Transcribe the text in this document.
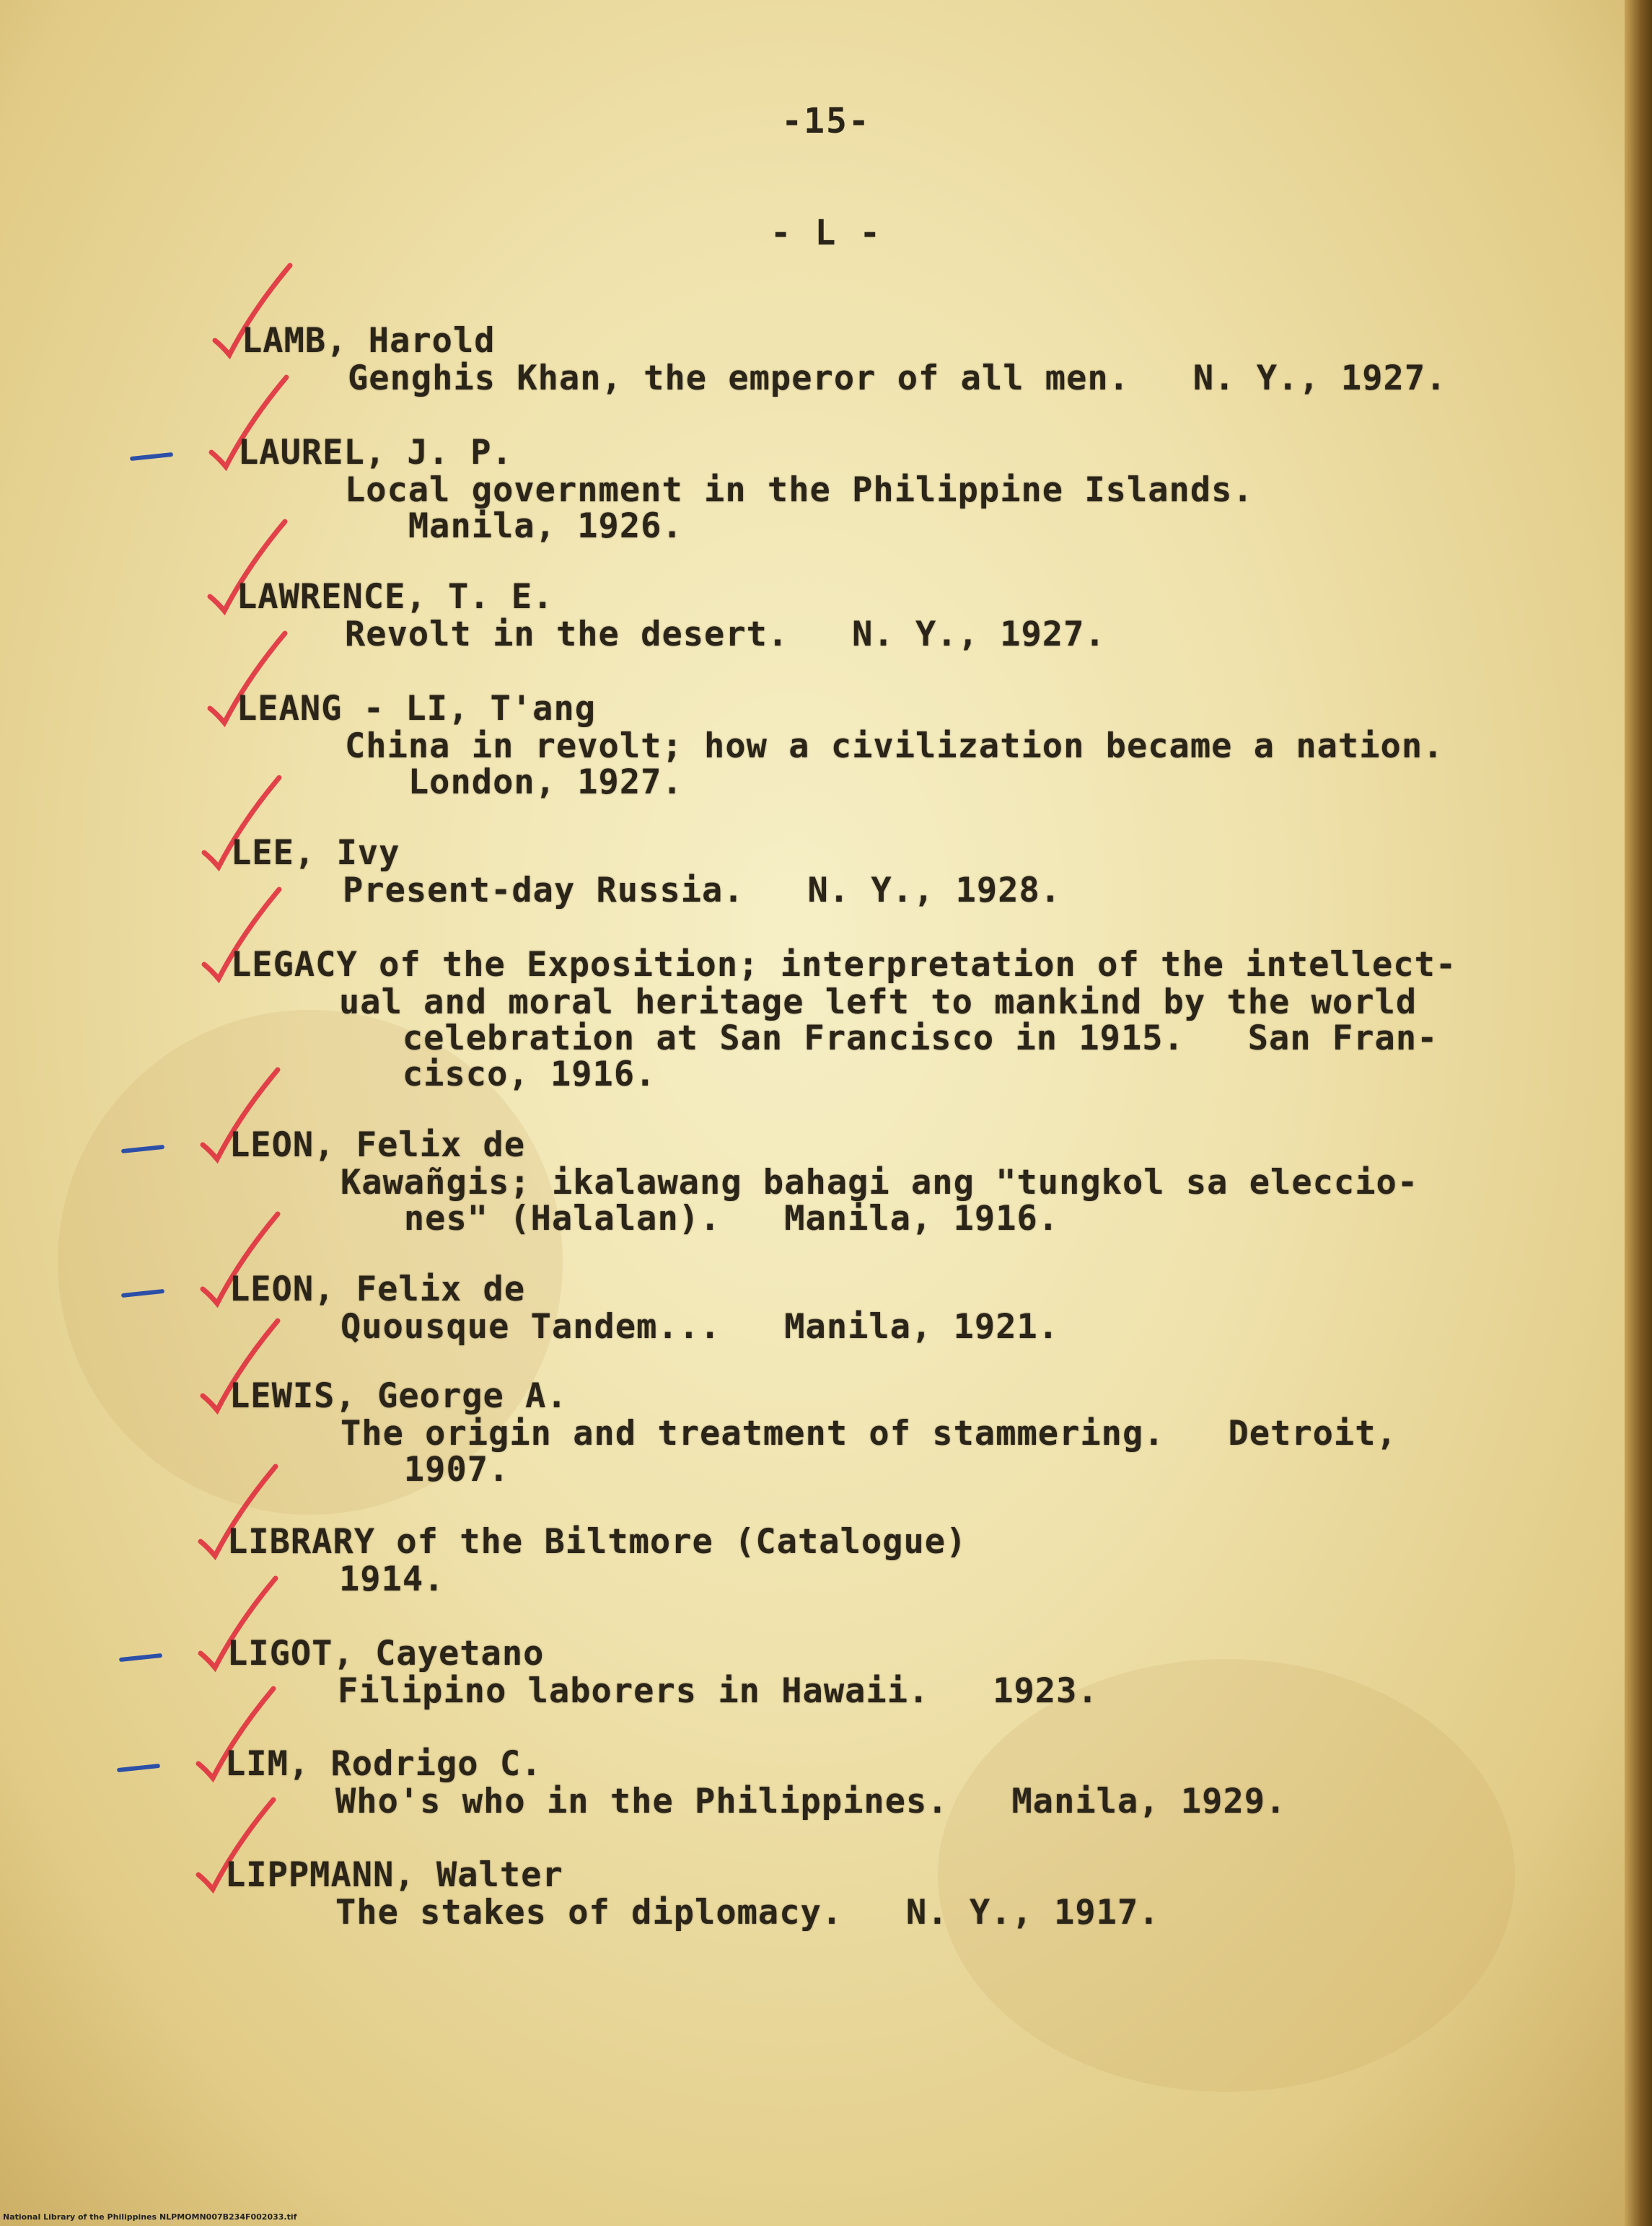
-15-
- L -
LAMB, Harold
Genghis Khan, the emperor of all men.   N. Y., 1927.
LAUREL, J. P.
Local government in the Philippine Islands.
Manila, 1926.
LAWRENCE, T. E.
Revolt in the desert.   N. Y., 1927.
LEANG - LI, T'ang
China in revolt; how a civilization became a nation.
London, 1927.
LEE, Ivy
Present-day Russia.   N. Y., 1928.
LEGACY of the Exposition; interpretation of the intellect-
ual and moral heritage left to mankind by the world
celebration at San Francisco in 1915.   San Fran-
cisco, 1916.
LEON, Felix de
Kawañgis; ikalawang bahagi ang "tungkol sa eleccio-
nes" (Halalan).   Manila, 1916.
LEON, Felix de
Quousque Tandem...   Manila, 1921.
LEWIS, George A.
The origin and treatment of stammering.   Detroit,
1907.
LIBRARY of the Biltmore (Catalogue)
1914.
LIGOT, Cayetano
Filipino laborers in Hawaii.   1923.
LIM, Rodrigo C.
Who's who in the Philippines.   Manila, 1929.
LIPPMANN, Walter
The stakes of diplomacy.   N. Y., 1917.
National Library of the Philippines NLPMOMN007B234F002033.tif
